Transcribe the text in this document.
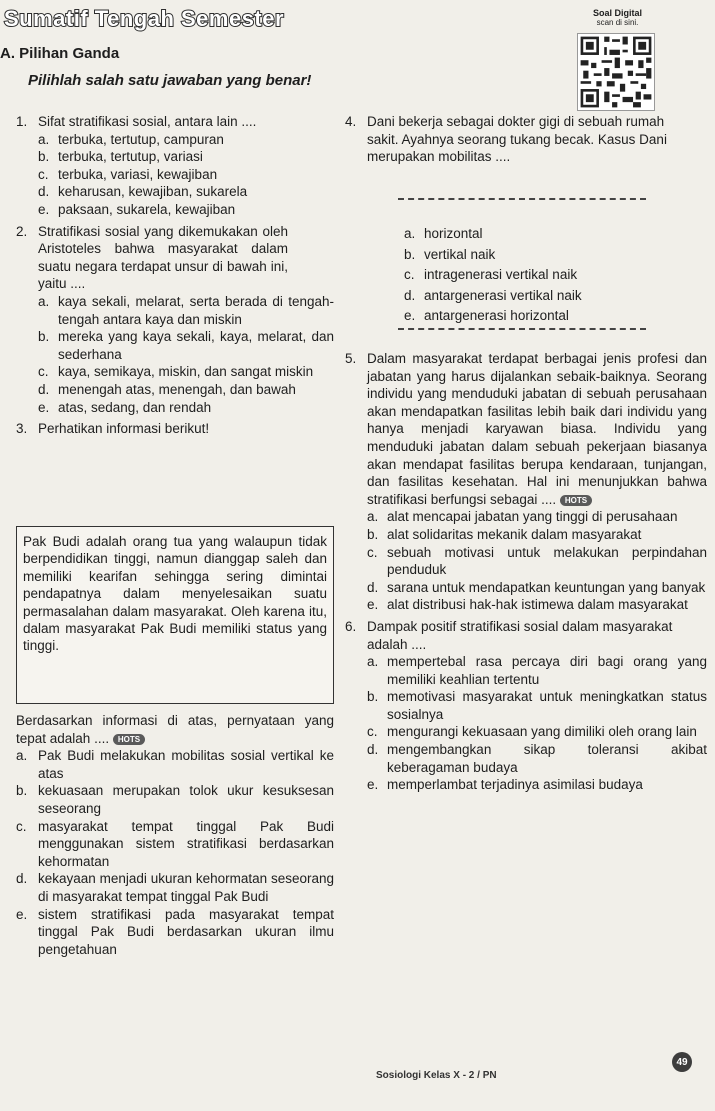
Sumatif Tengah Semester	Soal Digital
scan di sini.
A. Pilihan Ganda
Pilihlah salah satu jawaban yang benar!
1. Sifat stratifikasi sosial, antara lain ....
a. terbuka, tertutup, campuran
b. terbuka, tertutup, variasi
c. terbuka, variasi, kewajiban
d. keharusan, kewajiban, sukarela
e. paksaan, sukarela, kewajiban
2. Stratifikasi sosial yang dikemukakan oleh Aristoteles bahwa masyarakat dalam suatu negara terdapat unsur di bawah ini, yaitu ....
a. kaya sekali, melarat, serta berada di tengah-tengah antara kaya dan miskin
b. mereka yang kaya sekali, kaya, melarat, dan sederhana
c. kaya, semikaya, miskin, dan sangat miskin
d. menengah atas, menengah, dan bawah
e. atas, sedang, dan rendah
3. Perhatikan informasi berikut!
Pak Budi adalah orang tua yang walaupun tidak berpendidikan tinggi, namun dianggap saleh dan memiliki kearifan sehingga sering dimintai pendapatnya dalam menyelesaikan suatu permasalahan dalam masyarakat. Oleh karena itu, dalam masyarakat Pak Budi memiliki status yang tinggi.
Berdasarkan informasi di atas, pernyataan yang tepat adalah .... HOTS
a. Pak Budi melakukan mobilitas sosial vertikal ke atas
b. kekuasaan merupakan tolok ukur kesuksesan seseorang
c. masyarakat tempat tinggal Pak Budi menggunakan sistem stratifikasi berdasarkan kehormatan
d. kekayaan menjadi ukuran kehormatan seseorang di masyarakat tempat tinggal Pak Budi
e. sistem stratifikasi pada masyarakat tempat tinggal Pak Budi berdasarkan ukuran ilmu pengetahuan
4. Dani bekerja sebagai dokter gigi di sebuah rumah sakit. Ayahnya seorang tukang becak. Kasus Dani merupakan mobilitas ....
a. horizontal
b. vertikal naik
c. intragenerasi vertikal naik
d. antargenerasi vertikal naik
e. antargenerasi horizontal
5. Dalam masyarakat terdapat berbagai jenis profesi dan jabatan yang harus dijalankan sebaik-baiknya. Seorang individu yang menduduki jabatan di sebuah perusahaan akan mendapatkan fasilitas lebih baik dari individu yang hanya menjadi karyawan biasa. Individu yang menduduki jabatan dalam sebuah pekerjaan biasanya akan mendapat fasilitas berupa kendaraan, tunjangan, dan fasilitas kesehatan. Hal ini menunjukkan bahwa stratifikasi berfungsi sebagai .... HOTS
a. alat mencapai jabatan yang tinggi di perusahaan
b. alat solidaritas mekanik dalam masyarakat
c. sebuah motivasi untuk melakukan perpindahan penduduk
d. sarana untuk mendapatkan keuntungan yang banyak
e. alat distribusi hak-hak istimewa dalam masyarakat
6. Dampak positif stratifikasi sosial dalam masyarakat adalah ....
a. mempertebal rasa percaya diri bagi orang yang memiliki keahlian tertentu
b. memotivasi masyarakat untuk meningkatkan status sosialnya
c. mengurangi kekuasaan yang dimiliki oleh orang lain
d. mengembangkan sikap toleransi akibat keberagaman budaya
e. memperlambat terjadinya asimilasi budaya
Sosiologi Kelas X - 2 / PN
49
